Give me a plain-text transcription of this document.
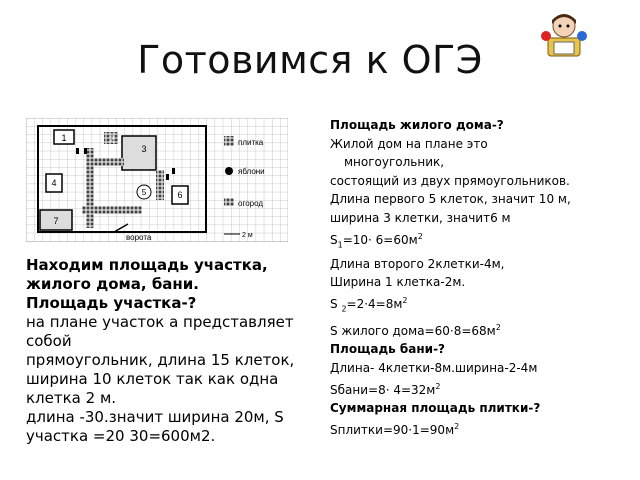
Готовимся к ОГЭ
1	2
3
4
5	6
7
плитка
яблони
огород
2 м
ворота
Находим площадь участка, жилого дома, бани.
Площадь участка-?
на плане участок а представляет собой
прямоугольник, длина 15 клеток,
ширина 10 клеток так как одна клетка 2 м.
длина -30.значит ширина 20м, S участка =20 30=600м2.
Площадь жилого дома-?
Жилой дом на плане это
многоугольник,
состоящий из двух прямоугольников.
Длина первого 5 клеток, значит 10 м,
ширина 3 клетки, значит6 м
$S_1=10\cdot 6=60м^2$
Длина второго 2клетки-4м,
Ширина 1 клетка-2м.
S $_2=2\cdot 4=8м^2$
S жилого $дома=60\cdot 8=68м^2$
Площадь бани-?
Длина- 4клетки-8м.ширина-2-4м
Sбани=8· $4=32м^2$
Суммарная площадь плитки-?
$Sплитки=90\cdot 1=90м^2$
